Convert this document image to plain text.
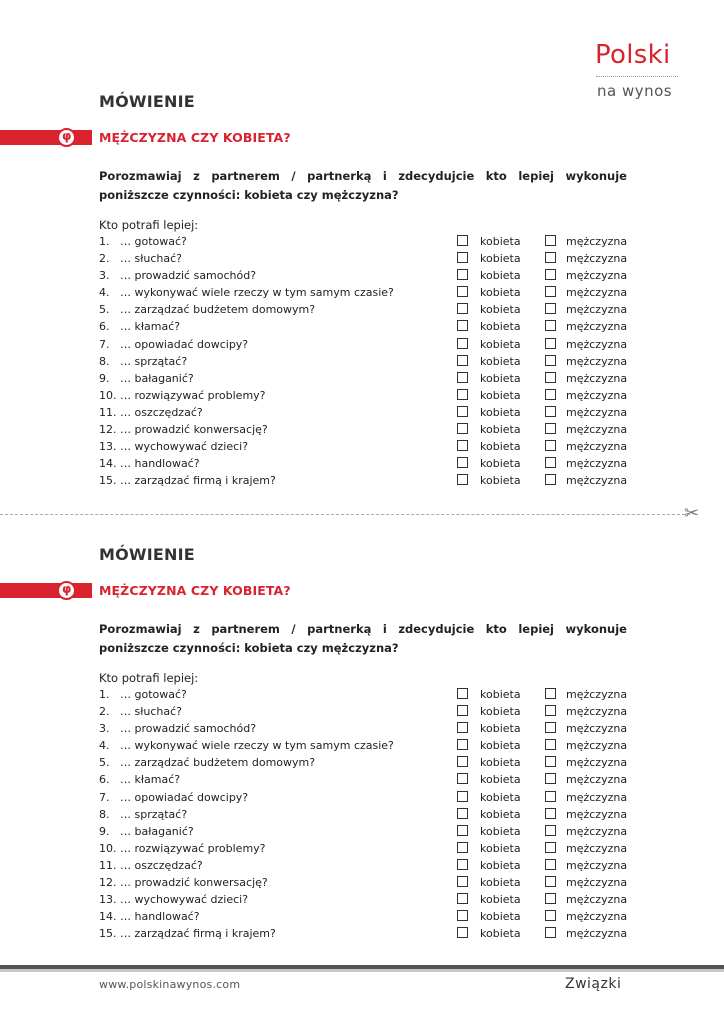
Polski
na wynos
MÓWIENIE
φ MĘŻCZYZNA CZY KOBIETA?
Porozmawiaj z partnerem / partnerką i zdecydujcie kto lepiej wykonuje poniższcze czynności: kobieta czy mężczyzna?
Kto potrafi lepiej:
1. … gotować?	kobieta	mężczyzna
2. … słuchać?	kobieta	mężczyzna
3. … prowadzić samochód?	kobieta	mężczyzna
4. … wykonywać wiele rzeczy w tym samym czasie?	kobieta	mężczyzna
5. … zarządzać budżetem domowym?	kobieta	mężczyzna
6. … kłamać?	kobieta	mężczyzna
7. … opowiadać dowcipy?	kobieta	mężczyzna
8. … sprzątać?	kobieta	mężczyzna
9. … bałaganić?	kobieta	mężczyzna
10. … rozwiązywać problemy?	kobieta	mężczyzna
11. … oszczędzać?	kobieta	mężczyzna
12. … prowadzić konwersację?	kobieta	mężczyzna
13. … wychowywać dzieci?	kobieta	mężczyzna
14. … handlować?	kobieta	mężczyzna
15. … zarządzać firmą i krajem?	kobieta	mężczyzna
✂
MÓWIENIE
φ MĘŻCZYZNA CZY KOBIETA?
Porozmawiaj z partnerem / partnerką i zdecydujcie kto lepiej wykonuje poniższcze czynności: kobieta czy mężczyzna?
Kto potrafi lepiej:
1. … gotować?	kobieta	mężczyzna
2. … słuchać?	kobieta	mężczyzna
3. … prowadzić samochód?	kobieta	mężczyzna
4. … wykonywać wiele rzeczy w tym samym czasie?	kobieta	mężczyzna
5. … zarządzać budżetem domowym?	kobieta	mężczyzna
6. … kłamać?	kobieta	mężczyzna
7. … opowiadać dowcipy?	kobieta	mężczyzna
8. … sprzątać?	kobieta	mężczyzna
9. … bałaganić?	kobieta	mężczyzna
10. … rozwiązywać problemy?	kobieta	mężczyzna
11. … oszczędzać?	kobieta	mężczyzna
12. … prowadzić konwersację?	kobieta	mężczyzna
13. … wychowywać dzieci?	kobieta	mężczyzna
14. … handlować?	kobieta	mężczyzna
15. … zarządzać firmą i krajem?	kobieta	mężczyzna
www.polskinawynos.com	Związki
